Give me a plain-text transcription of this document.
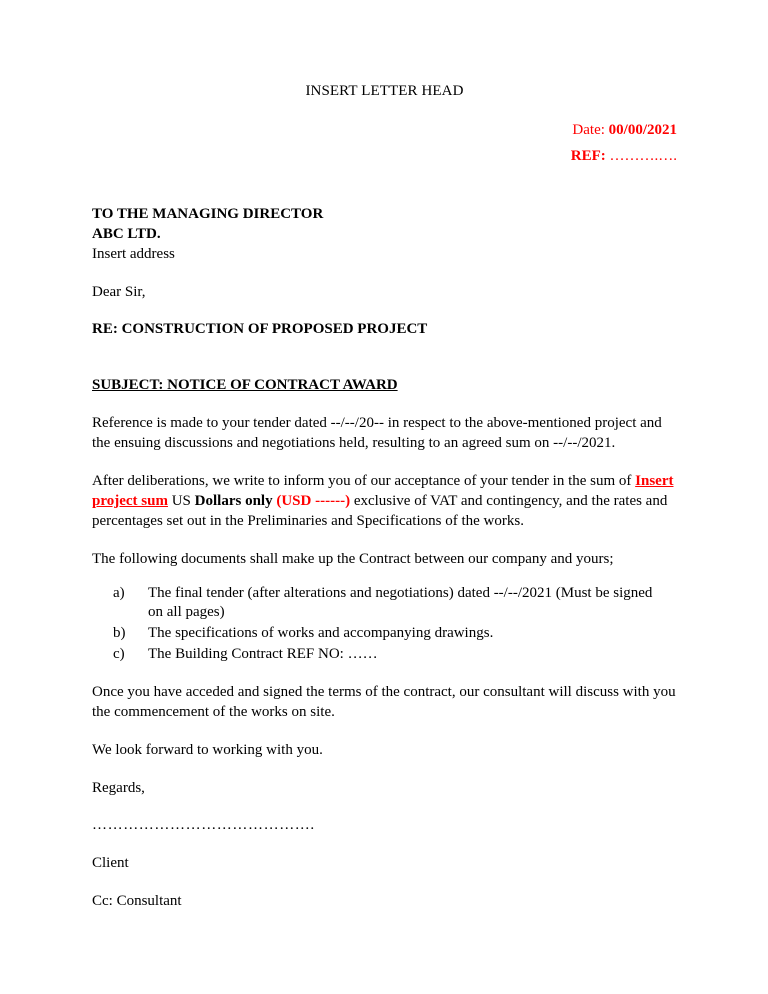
INSERT LETTER HEAD
Date: 00/00/2021
REF: ……….….
TO THE MANAGING DIRECTOR
ABC LTD.
Insert address
Dear Sir,
RE: CONSTRUCTION OF PROPOSED PROJECT
SUBJECT: NOTICE OF CONTRACT AWARD

Reference is made to your tender dated --/--/20-- in respect to the above-mentioned project and the ensuing discussions and negotiations held, resulting to an agreed sum on --/--/2021.

After deliberations, we write to inform you of our acceptance of your tender in the sum of Insert project sum US Dollars only (USD ------) exclusive of VAT and contingency, and the rates and percentages set out in the Preliminaries and Specifications of the works.

The following documents shall make up the Contract between our company and yours;

a)	The final tender (after alterations and negotiations) dated --/--/2021 (Must be signed on all pages)
b)	The specifications of works and accompanying drawings.
c)	The Building Contract REF NO: ……

Once you have acceded and signed the terms of the contract, our consultant will discuss with you the commencement of the works on site.

We look forward to working with you.

Regards,
…………………………………….
Client
Cc: Consultant
